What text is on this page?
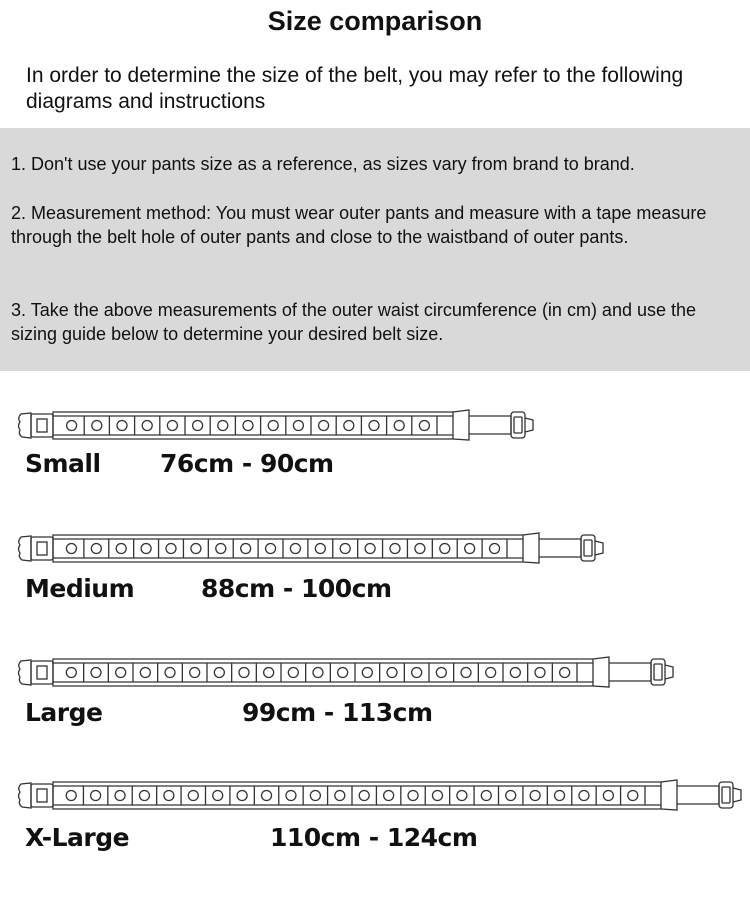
Size comparison
In order to determine the size of the belt, you may refer to the following diagrams and instructions
1. Don't use your pants size as a reference, as sizes vary from brand to brand.
2. Measurement method: You must wear outer pants and measure with a tape measure through the belt hole of outer pants and close to the waistband of outer pants.
3. Take the above measurements of the outer waist circumference (in cm) and use the sizing guide below to determine your desired belt size.
Small 76cm - 90cm
Medium	88cm - 100cm
Large	99cm - 113cm
X-Large	110cm - 124cm
